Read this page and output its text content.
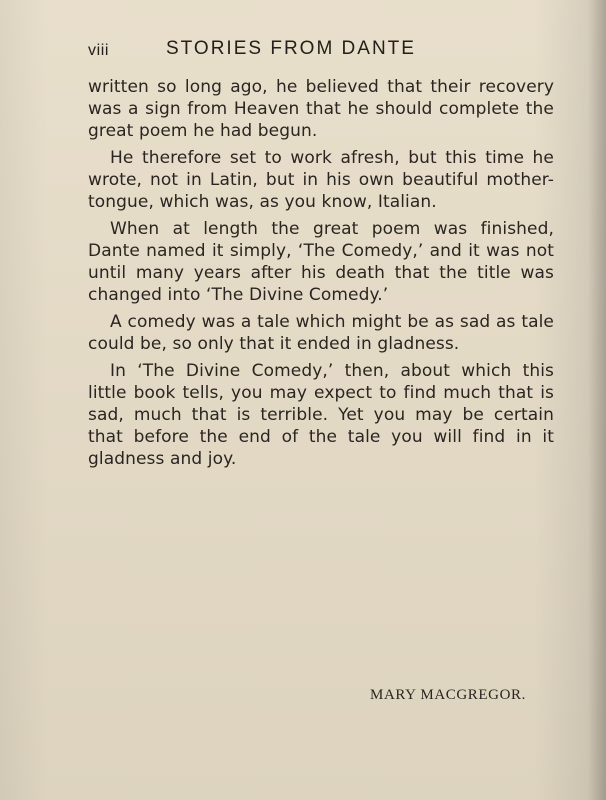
viii	STORIES FROM DANTE

written so long ago, he believed that their recovery was a sign from Heaven that he should complete the great poem he had begun.

He therefore set to work afresh, but this time he wrote, not in Latin, but in his own beautiful mother-tongue, which was, as you know, Italian.

When at length the great poem was finished, Dante named it simply, ‘The Comedy,’ and it was not until many years after his death that the title was changed into ‘The Divine Comedy.’

A comedy was a tale which might be as sad as tale could be, so only that it ended in gladness.

In ‘The Divine Comedy,’ then, about which this little book tells, you may expect to find much that is sad, much that is terrible. Yet you may be certain that before the end of the tale you will find in it gladness and joy.

MARY MACGREGOR.
